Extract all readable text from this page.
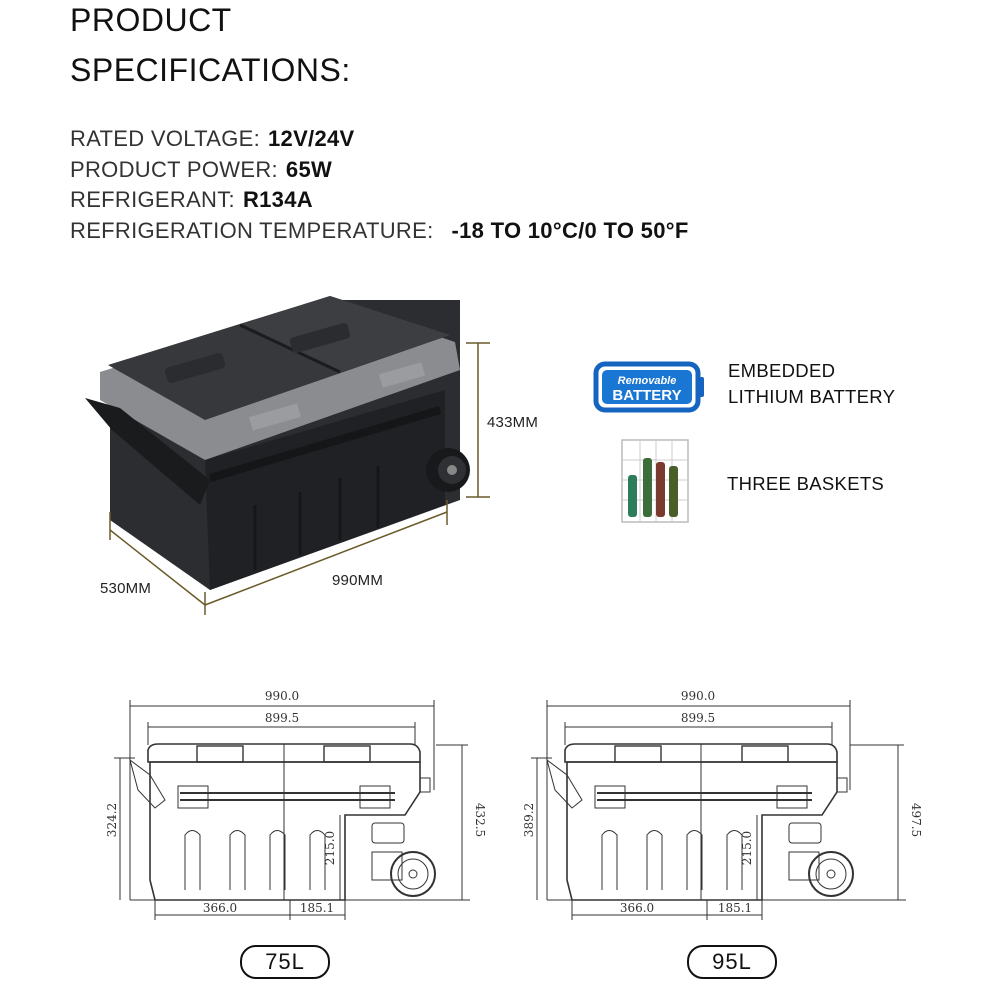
PRODUCT
SPECIFICATIONS:
RATED VOLTAGE: 12V/24V
PRODUCT POWER: 65W
REFRIGERANT: R134A
REFRIGERATION TEMPERATURE: -18 TO 10°C/0 TO 50°F
433MM
530MM	990MM
Removable
BATTERY
EMBEDDED
LITHIUM BATTERY
THREE BASKETS
990.0
899.5
324.2	432.5
215.0
366.0	185.1
990.0
899.5
389.2	497.5
215.0
366.0	185.1
75L	95L
